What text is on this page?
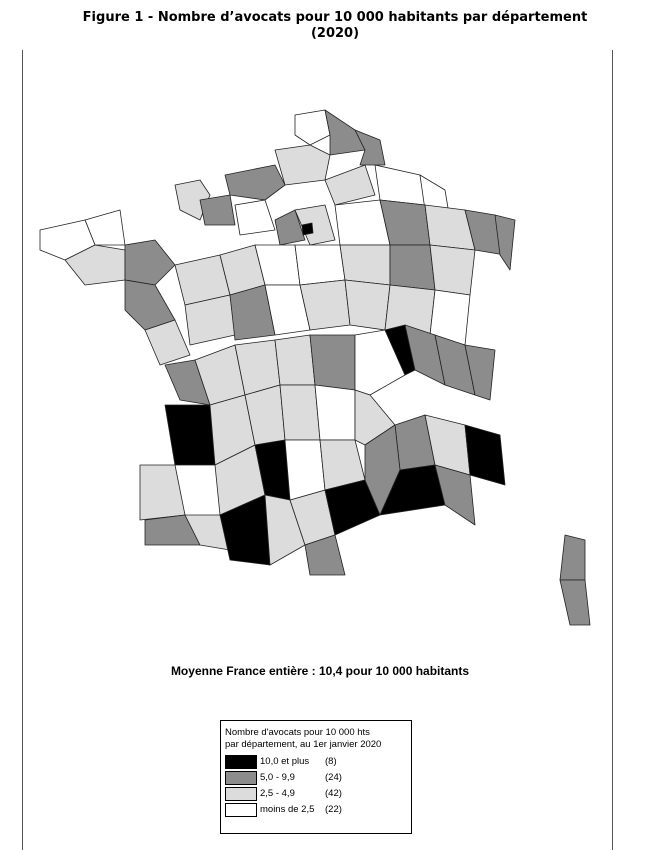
Figure 1 - Nombre d’avocats pour 10 000 habitants par département
(2020)
Moyenne France entière : 10,4 pour 10 000 habitants
Nombre d'avocats pour 10 000 hts
par département, au 1er janvier 2020
10,0 et plus (8)
5,0 - 9,9	(24)
2,5 - 4,9	(42)
moins de 2,5 (22)
